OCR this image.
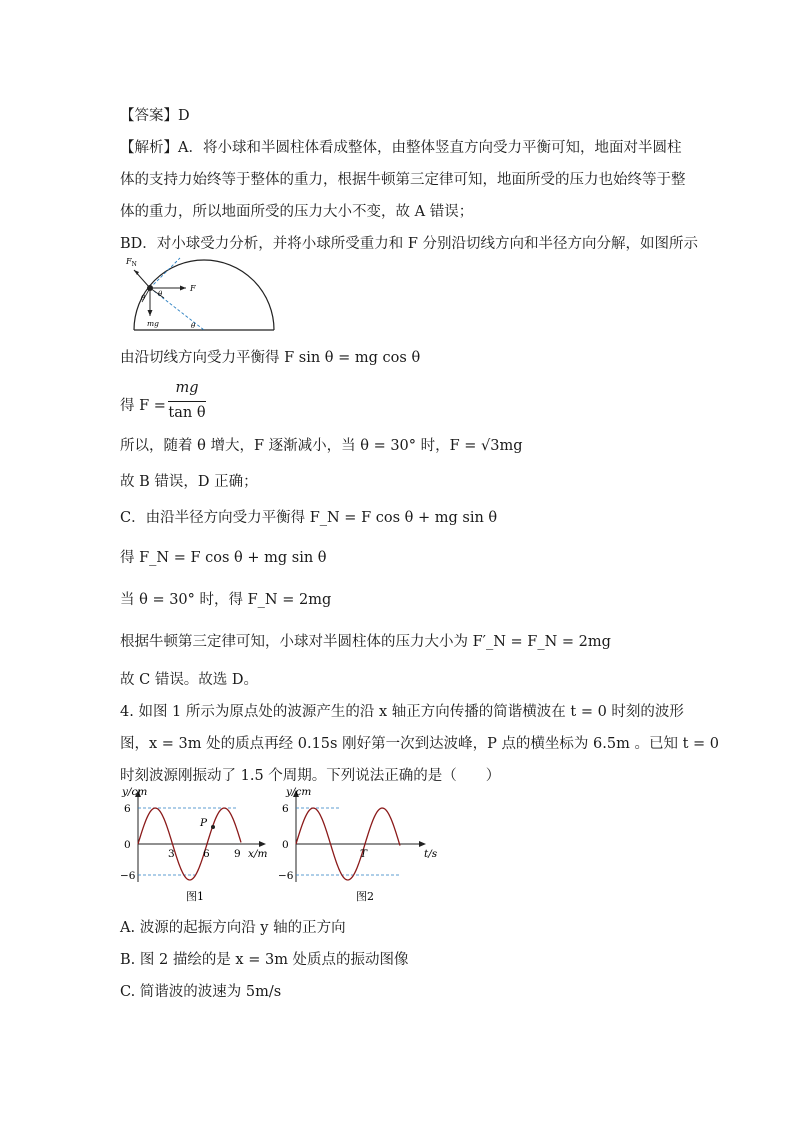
【答案】D
【解析】A．将小球和半圆柱体看成整体，由整体竖直方向受力平衡可知，地面对半圆柱
体的支持力始终等于整体的重力，根据牛顿第三定律可知，地面所受的压力也始终等于整
体的重力，所以地面所受的压力大小不变，故 A 错误；
BD．对小球受力分析，并将小球所受重力和 F 分别沿切线方向和半径方向分解，如图所示
$F_N$
F
mg
θ θ
θ
由沿切线方向受力平衡得 F sin θ = mg cos θ
得 F =
mg
tan θ
所以，随着 θ 增大，F 逐渐减小，当 θ = 30° 时，F = √3mg
故 B 错误，D 正确；
C．由沿半径方向受力平衡得 F_N = F cos θ + mg sin θ
得 F_N = F cos θ + mg sin θ
当 θ = 30° 时，得 F_N = 2mg
根据牛顿第三定律可知，小球对半圆柱体的压力大小为 F′_N = F_N = 2mg
故 C 错误。故选 D。
4. 如图 1 所示为原点处的波源产生的沿 x 轴正方向传播的简谐横波在 t = 0 时刻的波形
图，x = 3m 处的质点再经 0.15s 刚好第一次到达波峰，P 点的横坐标为 6.5m 。已知 t = 0
时刻波源刚振动了 1.5 个周期。下列说法正确的是（　　）
y/cm
6
0
−6
3	6 9 x/m
P
图1
y/cm
6
0
−6
T	t/s
图2
A. 波源的起振方向沿 y 轴的正方向
B. 图 2 描绘的是 x = 3m 处质点的振动图像
C. 简谐波的波速为 5m/s
